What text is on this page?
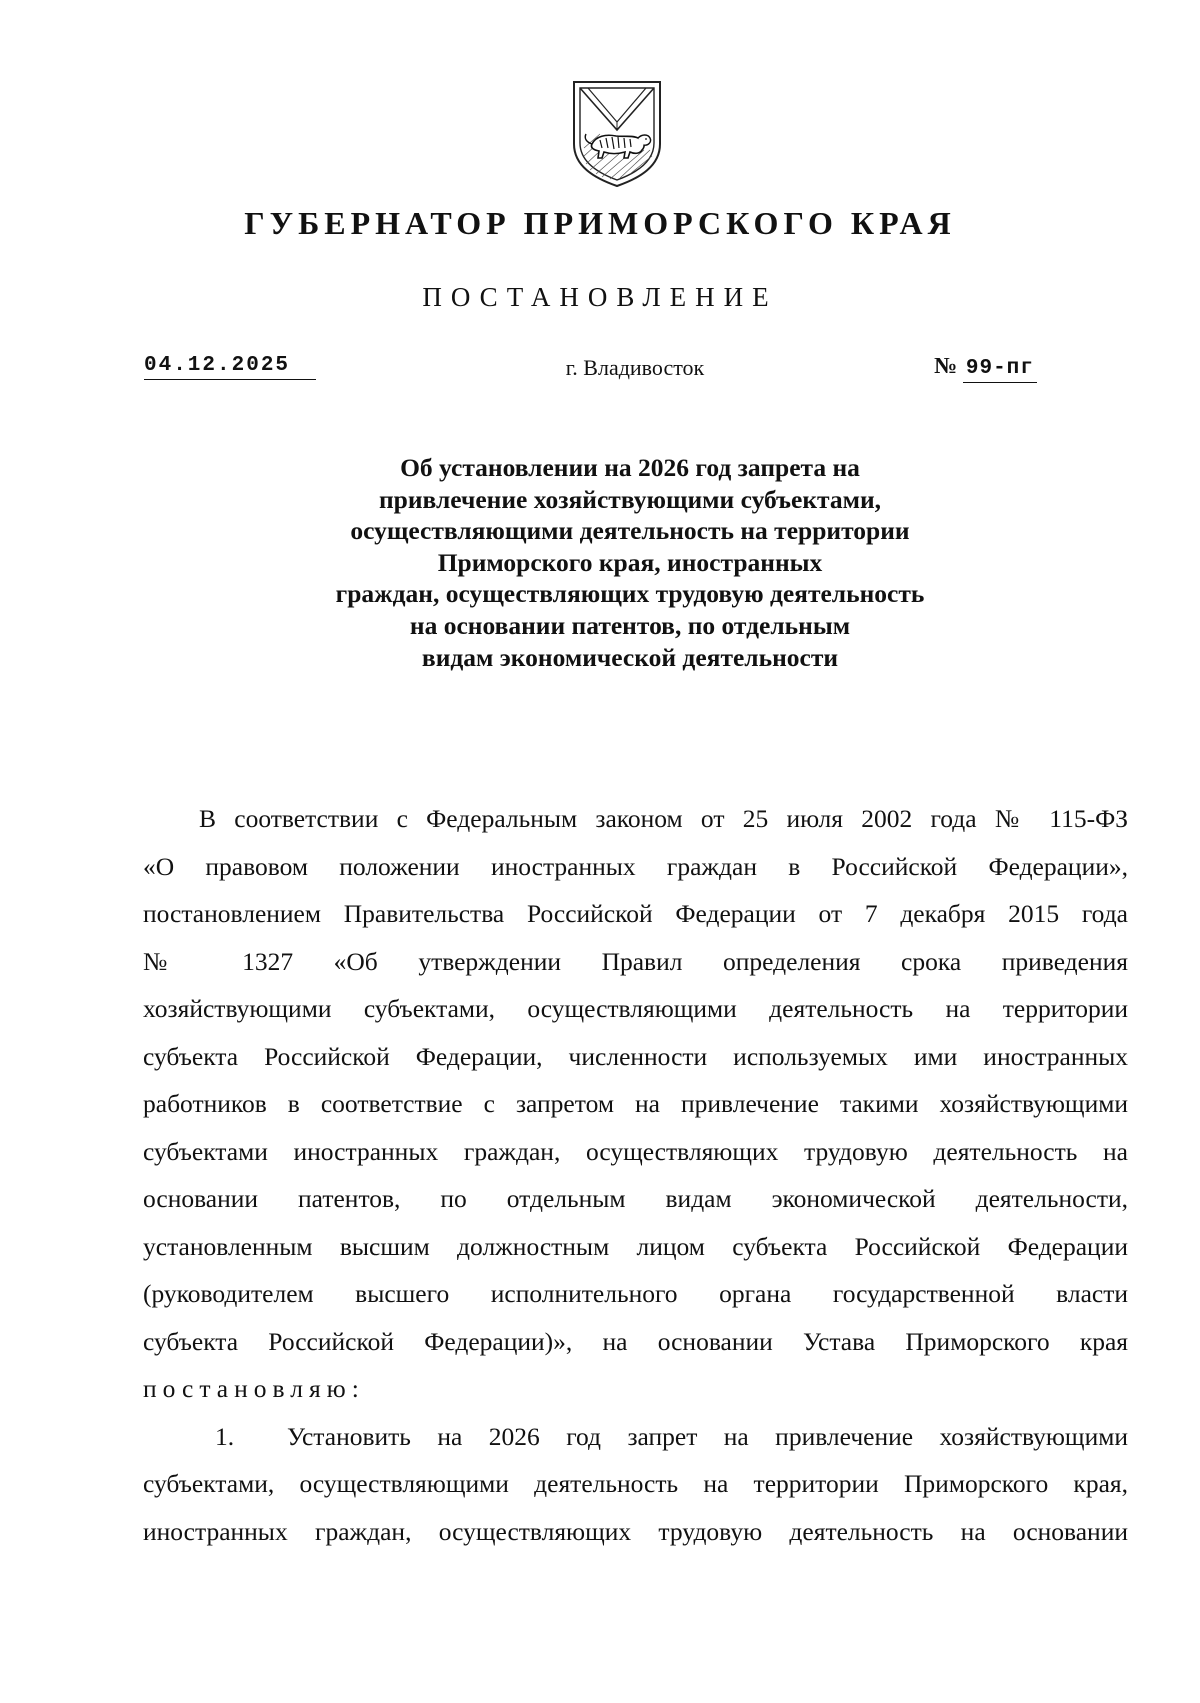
ГУБЕРНАТОР ПРИМОРСКОГО КРАЯ
ПОСТАНОВЛЕНИЕ
04.12.2025	г. Владивосток	№ 99-пг
Об установлении на 2026 год запрета на
привлечение хозяйствующими субъектами,
осуществляющими деятельность на территории
Приморского края, иностранных
граждан, осуществляющих трудовую деятельность
на основании патентов, по отдельным
видам экономической деятельности
В соответствии с Федеральным законом от 25 июля 2002 года № 115-ФЗ
«О правовом положении иностранных граждан в Российской Федерации»,
постановлением Правительства Российской Федерации от 7 декабря 2015 года
№ 1327 «Об утверждении Правил определения срока приведения
хозяйствующими субъектами, осуществляющими деятельность на территории
субъекта Российской Федерации, численности используемых ими иностранных
работников в соответствие с запретом на привлечение такими хозяйствующими
субъектами иностранных граждан, осуществляющих трудовую деятельность на
основании патентов, по отдельным видам экономической деятельности,
установленным высшим должностным лицом субъекта Российской Федерации
(руководителем высшего исполнительного органа государственной власти
субъекта Российской Федерации)», на основании Устава Приморского края
постановляю:
1. Установить на 2026 год запрет на привлечение хозяйствующими
субъектами, осуществляющими деятельность на территории Приморского края,
иностранных граждан, осуществляющих трудовую деятельность на основании
